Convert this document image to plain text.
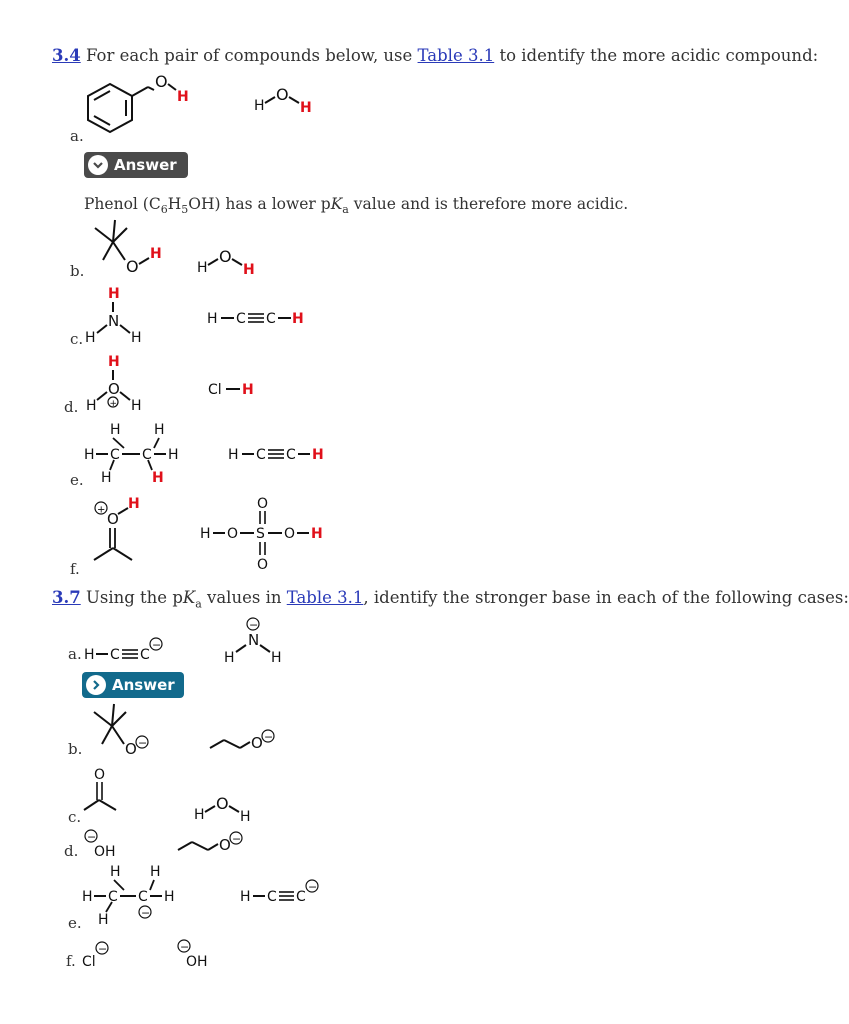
3.4 For each pair of compounds below, use Table 3.1 to identify the more acidic compound:
a.
O
H
H
O
H
Answer
Phenol $(C_6H_5OH)$ has a lower $pK_a$ value and is therefore more acidic.
b.	O
H
H
O
H
c.
H
N
H	H
H C C H
d.
H
O
+
H H
Cl H
e.
H H
H C C H
H	H
H C C H
f.
+ O
H	O
H O S O H
O
3.7 Using the $pK_a$ values in Table 3.1, identify the stronger base in each of the following cases:
a. H C C
−
−
N
H	H
Answer
b.	O −	O −
c.
O
H
O
H
d.
−
OH	O −
e.
H H
H C C H
H	−
H C C
−
f. Cl
−	−
OH
